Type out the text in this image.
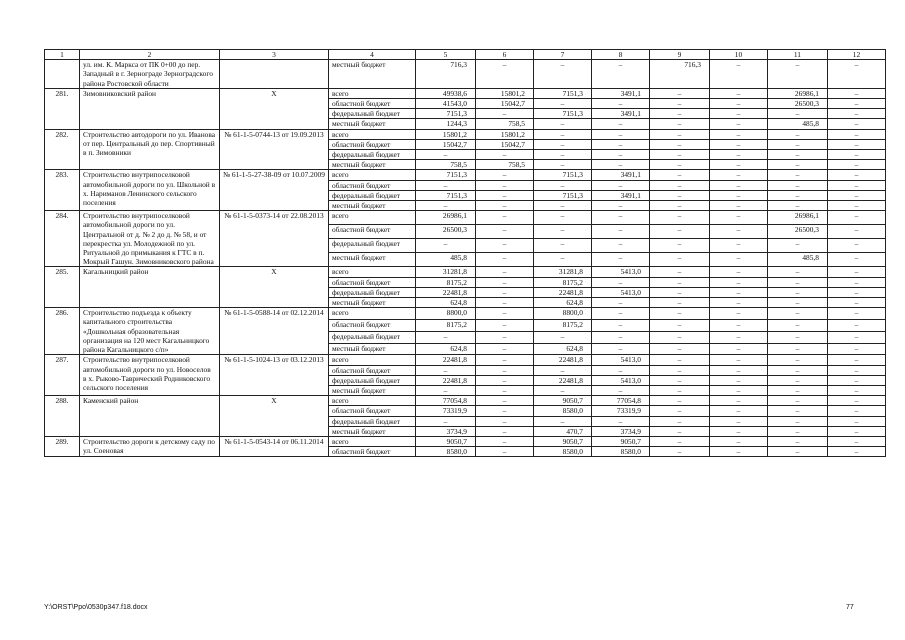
1	2	3	4	5	6	7	8	9	10	11	12
	ул. им. К. Маркса от ПК 0+00 до пер. Западный в г. Зернограде Зерноградского района Ростовской области		местный бюджет	716,3	–	–	–	716,3	–	–	–
281.	Зимовниковский район	X	всего	49938,6	15801,2	7151,3	3491,1	–	–	26986,1	–
			областной бюджет	41543,0	15042,7	–	–	–	–	26500,3	–
			федеральный бюджет	7151,3	–	7151,3	3491,1	–	–	–	–
			местный бюджет	1244,3	758,5	–	–	–	–	485,8	–
282.	Строительство автодороги по ул. Иванова от пер. Центральный до пер. Спортивный в п. Зимовники	№ 61-1-5-0744-13 от 19.09.2013	всего	15801,2	15801,2	–	–	–	–	–	–
			областной бюджет	15042,7	15042,7	–	–	–	–	–	–
			федеральный бюджет	–	–	–	–	–	–	–	–
			местный бюджет	758,5	758,5	–	–	–	–	–	–
283.	Строительство внутрипоселковой автомобильной дороги по ул. Школьной в х. Нариманов Ленинского сельского поселения	№ 61-1-5-27-38-09 от 10.07.2009	всего	7151,3	–	7151,3	3491,1	–	–	–	–
			областной бюджет	–	–	–	–	–	–	–	–
			федеральный бюджет	7151,3	–	7151,3	3491,1	–	–	–	–
			местный бюджет	–	–	–	–	–	–	–	–
284.	Строительство внутрипоселковой автомобильной дороги по ул. Центральной от д. № 2 до д. № 58, и от перекрестка ул. Молодежной по ул. Ритуальной до примыкания к ГТС в п. Мокрый Гашун. Зимовниковского района	№ 61-1-5-0373-14 от 22.08.2013	всего	26986,1	–	–	–	–	–	26986,1	–
			областной бюджет	26500,3	–	–	–	–	–	26500,3	–
			федеральный бюджет	–	–	–	–	–	–	–	–
			местный бюджет	485,8	–	–	–	–	–	485,8	–
285.	Кагальницкий район	X	всего	31281,8	–	31281,8	5413,0	–	–	–	–
			областной бюджет	8175,2	–	8175,2	–	–	–	–	–
			федеральный бюджет	22481,8	–	22481,8	5413,0	–	–	–	–
			местный бюджет	624,8	–	624,8	–	–	–	–	–
286.	Строительство подъезда к объекту капитального строительства «Дошкольная образовательная организация на 120 мест Кагальницкого района Кагальницкого с/п»	№ 61-1-5-0588-14 от 02.12.2014	всего	8800,0	–	8800,0	–	–	–	–	–
			областной бюджет	8175,2	–	8175,2	–	–	–	–	–
			федеральный бюджет	–	–	–	–	–	–	–	–
			местный бюджет	624,8	–	624,8	–	–	–	–	–
287.	Строительство внутрипоселковой автомобильной дороги по ул. Новоселов в х. Рыково-Таврический Родниковского сельского поселения	№ 61-1-5-1024-13 от 03.12.2013	всего	22481,8	–	22481,8	5413,0	–	–	–	–
			областной бюджет	–	–	–	–	–	–	–	–
			федеральный бюджет	22481,8	–	22481,8	5413,0	–	–	–	–
			местный бюджет	–	–	–	–	–	–	–	–
288.	Каменский район	X	всего	77054,8	–	9050,7	77054,8	–	–	–	–
			областной бюджет	73319,9	–	8580,0	73319,9	–	–	–	–
			федеральный бюджет	–	–	–	–	–	–	–	–
			местный бюджет	3734,9	–	470,7	3734,9	–	–	–	–
289.	Строительство дороги к детскому саду по ул. Соеновая	№ 61-1-5-0543-14 от 06.11.2014	всего	9050,7	–	9050,7	9050,7	–	–	–	–
			областной бюджет	8580,0	–	8580,0	8580,0	–	–	–	–
Y:\ORST\Ppo\0530p347.f18.docx	77
